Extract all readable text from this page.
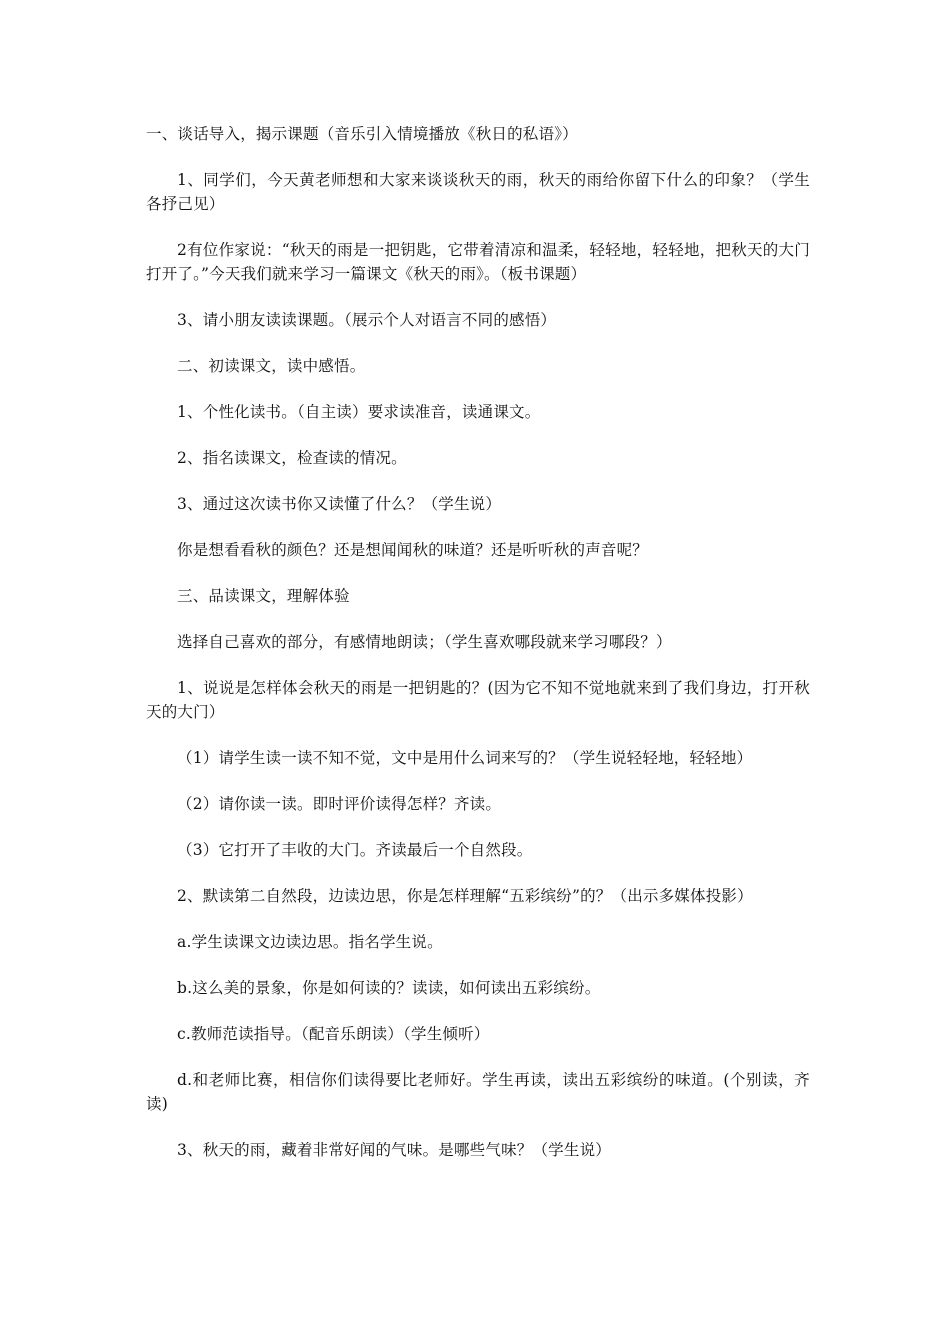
一、谈话导入，揭示课题（音乐引入情境播放《秋日的私语》）

1、同学们，今天黄老师想和大家来谈谈秋天的雨，秋天的雨给你留下什么的印象？（学生各抒己见）

2有位作家说：“秋天的雨是一把钥匙，它带着清凉和温柔，轻轻地，轻轻地，把秋天的大门打开了。”今天我们就来学习一篇课文《秋天的雨》。（板书课题）

3、请小朋友读读课题。（展示个人对语言不同的感悟）

二、初读课文，读中感悟。

1、个性化读书。（自主读）要求读准音，读通课文。

2、指名读课文，检查读的情况。

3、通过这次读书你又读懂了什么？（学生说）

你是想看看秋的颜色？还是想闻闻秋的味道？还是听听秋的声音呢？

三、品读课文，理解体验

选择自己喜欢的部分，有感情地朗读；（学生喜欢哪段就来学习哪段？）

1、说说是怎样体会秋天的雨是一把钥匙的？(因为它不知不觉地就来到了我们身边，打开秋天的大门）

（1）请学生读一读不知不觉，文中是用什么词来写的？（学生说轻轻地，轻轻地）

（2）请你读一读。即时评价读得怎样？齐读。

（3）它打开了丰收的大门。齐读最后一个自然段。

2、默读第二自然段，边读边思，你是怎样理解“五彩缤纷”的？（出示多媒体投影）

a.学生读课文边读边思。指名学生说。

b.这么美的景象，你是如何读的？读读，如何读出五彩缤纷。

c.教师范读指导。（配音乐朗读）（学生倾听）

d.和老师比赛，相信你们读得要比老师好。学生再读，读出五彩缤纷的味道。(个别读，齐读)

3、秋天的雨，藏着非常好闻的气味。是哪些气味？（学生说）
